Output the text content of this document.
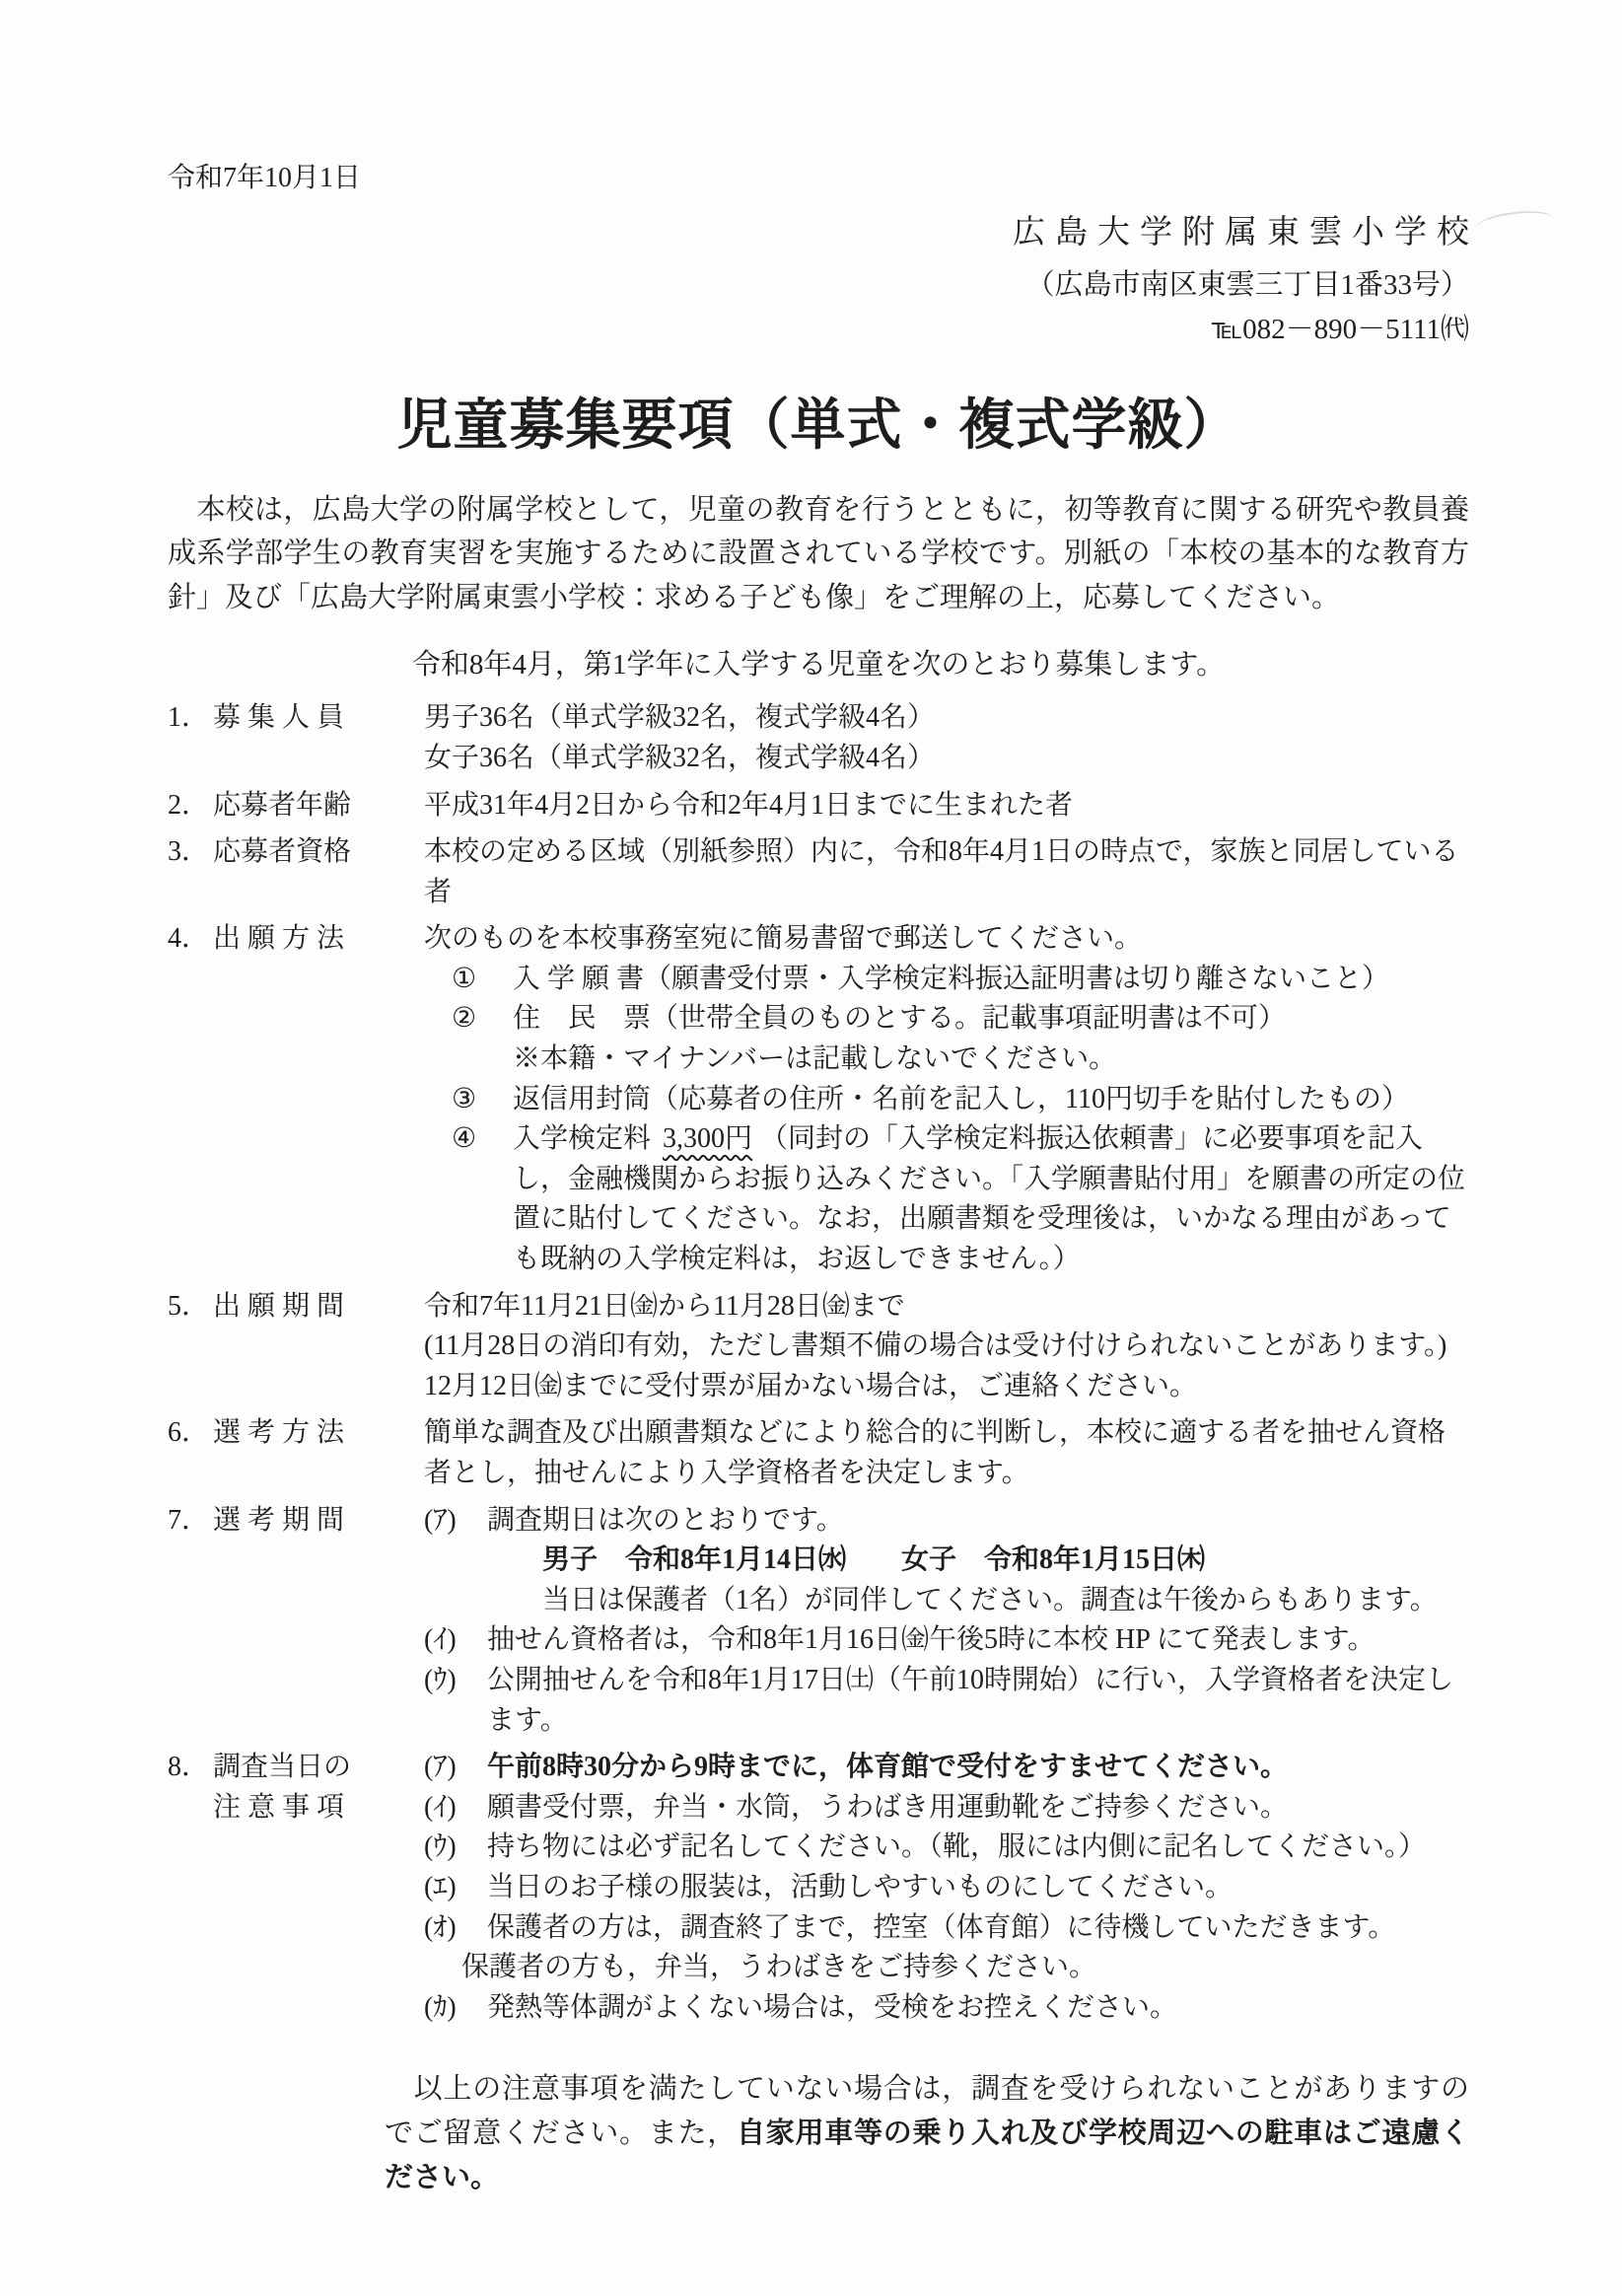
令和7年10月1日
広島大学附属東雲小学校
（広島市南区東雲三丁目1番33号）
℡082－890－5111㈹
児童募集要項（単式・複式学級）

　本校は，広島大学の附属学校として，児童の教育を行うとともに，初等教育に関する研究や教員養成系学部学生の教育実習を実施するために設置されている学校です。別紙の「本校の基本的な教育方針」及び「広島大学附属東雲小学校：求める子ども像」をご理解の上，応募してください。

令和8年4月，第1学年に入学する児童を次のとおり募集します。
1． 募 集 人 員	男子36名（単式学級32名，複式学級4名）
女子36名（単式学級32名，複式学級4名）
2． 応募者年齢	平成31年4月2日から令和2年4月1日までに生まれた者
3． 応募者資格	本校の定める区域（別紙参照）内に，令和8年4月1日の時点で，家族と同居している者
4． 出 願 方 法	次のものを本校事務室宛に簡易書留で郵送してください。
①	入 学 願 書（願書受付票・入学検定料振込証明書は切り離さないこと）
②	住　民　票（世帯全員のものとする。記載事項証明書は不可）
※本籍・マイナンバーは記載しないでください。
③	返信用封筒（応募者の住所・名前を記入し，110円切手を貼付したもの）
④	入学検定料 3,300円 （同封の「入学検定料振込依頼書」に必要事項を記入し，金融機関からお振り込みください。「入学願書貼付用」を願書の所定の位置に貼付してください。なお，出願書類を受理後は，いかなる理由があっても既納の入学検定料は，お返しできません。）
5． 出 願 期 間	令和7年11月21日㈮から11月28日㈮まで
(11月28日の消印有効，ただし書類不備の場合は受け付けられないことがあります。)
12月12日㈮までに受付票が届かない場合は，ご連絡ください。
6． 選 考 方 法	簡単な調査及び出願書類などにより総合的に判断し，本校に適する者を抽せん資格者とし，抽せんにより入学資格者を決定します。
7． 選 考 期 間	(ｱ)	調査期日は次のとおりです。
男子　令和8年1月14日㈬　　女子　令和8年1月15日㈭
当日は保護者（1名）が同伴してください。調査は午後からもあります。
(ｲ)	抽せん資格者は，令和8年1月16日㈮午後5時に本校 HP にて発表します。
(ｳ)	公開抽せんを令和8年1月17日㈯（午前10時開始）に行い，入学資格者を決定します。
8． 調査当日の
注 意 事 項
(ｱ)	午前8時30分から9時までに，体育館で受付をすませてください。
(ｲ)	願書受付票，弁当・水筒，うわばき用運動靴をご持参ください。
(ｳ)	持ち物には必ず記名してください。（靴，服には内側に記名してください。）
(ｴ)	当日のお子様の服装は，活動しやすいものにしてください。
(ｵ)	保護者の方は，調査終了まで，控室（体育館）に待機していただきます。
保護者の方も，弁当，うわばきをご持参ください。
(ｶ)	発熱等体調がよくない場合は，受検をお控えください。

　以上の注意事項を満たしていない場合は，調査を受けられないことがありますのでご留意ください。また，自家用車等の乗り入れ及び学校周辺への駐車はご遠慮ください。
